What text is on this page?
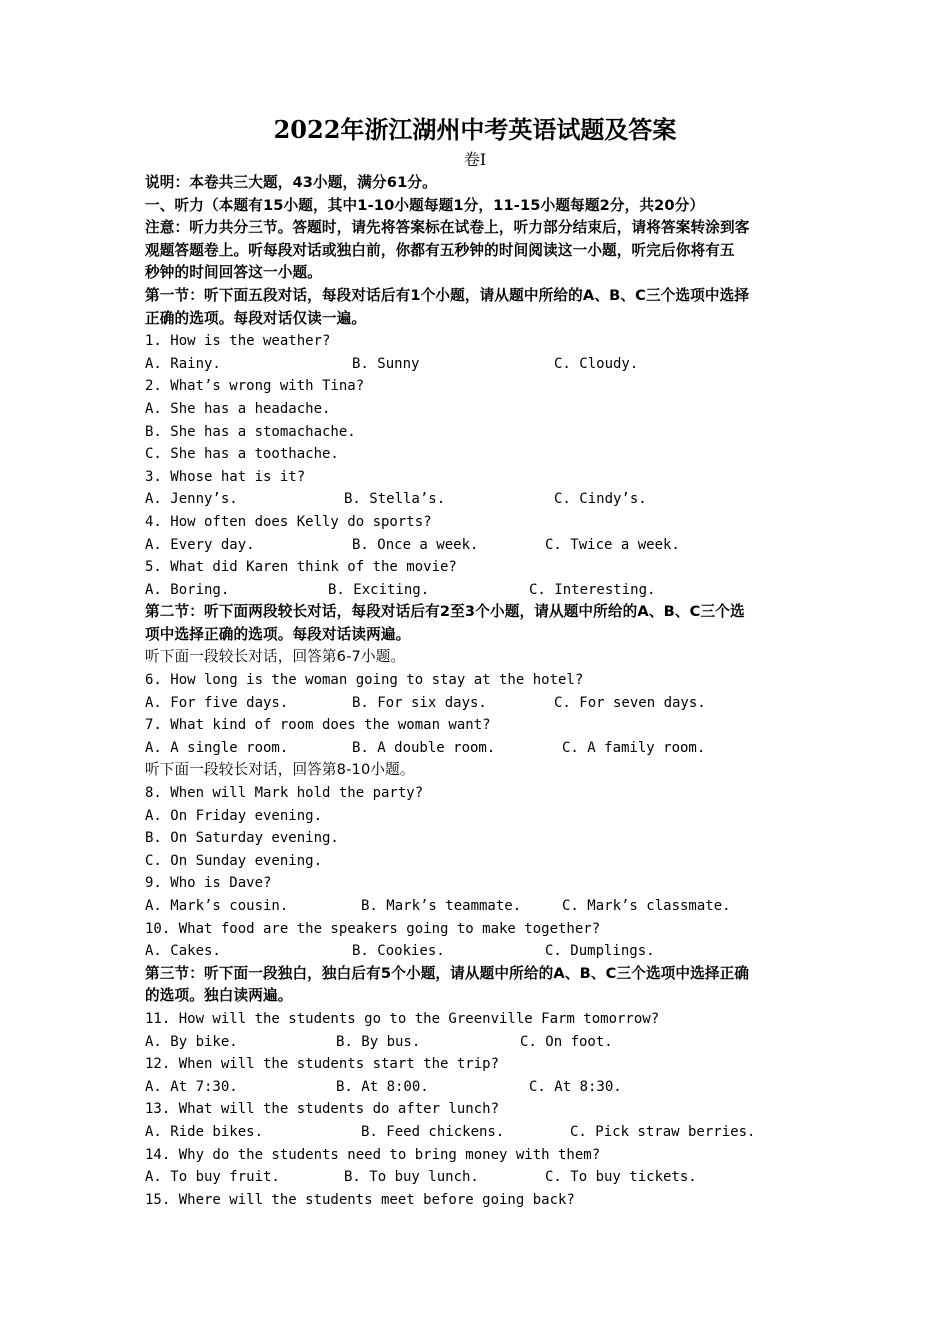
2022年浙江湖州中考英语试题及答案
卷Ⅰ
说明：本卷共三大题，43小题，满分61分。
一、听力（本题有15小题，其中1-10小题每题1分，11-15小题每题2分，共20分）
注意：听力共分三节。答题时，请先将答案标在试卷上，听力部分结束后，请将答案转涂到客
观题答题卷上。听每段对话或独白前，你都有五秒钟的时间阅读这一小题，听完后你将有五
秒钟的时间回答这一小题。
第一节：听下面五段对话，每段对话后有1个小题，请从题中所给的A、B、C三个选项中选择
正确的选项。每段对话仅读一遍。
1. How is the weather?

A. Rainy.

	B. Sunny

	C. Cloudy.

2. What’s wrong with Tina?
A. She has a headache.
B. She has a stomachache.
C. She has a toothache.
3. Whose hat is it?

A. Jenny’s.

	B. Stella’s.

	C. Cindy’s.

4. How often does Kelly do sports?

A. Every day.

	B. Once a week.

	C. Twice a week.

5. What did Karen think of the movie?

A. Boring.

	B. Exciting.

	C. Interesting.

第二节：听下面两段较长对话，每段对话后有2至3个小题，请从题中所给的A、B、C三个选
项中选择正确的选项。每段对话读两遍。
听下面一段较长对话，回答第6-7小题。
6. How long is the woman going to stay at the hotel?

A. For five days.

	B. For six days.

	C. For seven days.

7. What kind of room does the woman want?

A. A single room.

	B. A double room.

	C. A family room.

听下面一段较长对话，回答第8-10小题。
8. When will Mark hold the party?
A. On Friday evening.
B. On Saturday evening.
C. On Sunday evening.
9. Who is Dave?

A. Mark’s cousin.

	B. Mark’s teammate.

	C. Mark’s classmate.

10. What food are the speakers going to make together?

A. Cakes.

	B. Cookies.

	C. Dumplings.

第三节：听下面一段独白，独白后有5个小题，请从题中所给的A、B、C三个选项中选择正确
的选项。独白读两遍。
11. How will the students go to the Greenville Farm tomorrow?

A. By bike.

	B. By bus.

	C. On foot.

12. When will the students start the trip?

A. At 7:30.

	B. At 8:00.

	C. At 8:30.

13. What will the students do after lunch?

A. Ride bikes.

	B. Feed chickens.

	C. Pick straw berries.

14. Why do the students need to bring money with them?

A. To buy fruit.

	B. To buy lunch.

	C. To buy tickets.

15. Where will the students meet before going back?
